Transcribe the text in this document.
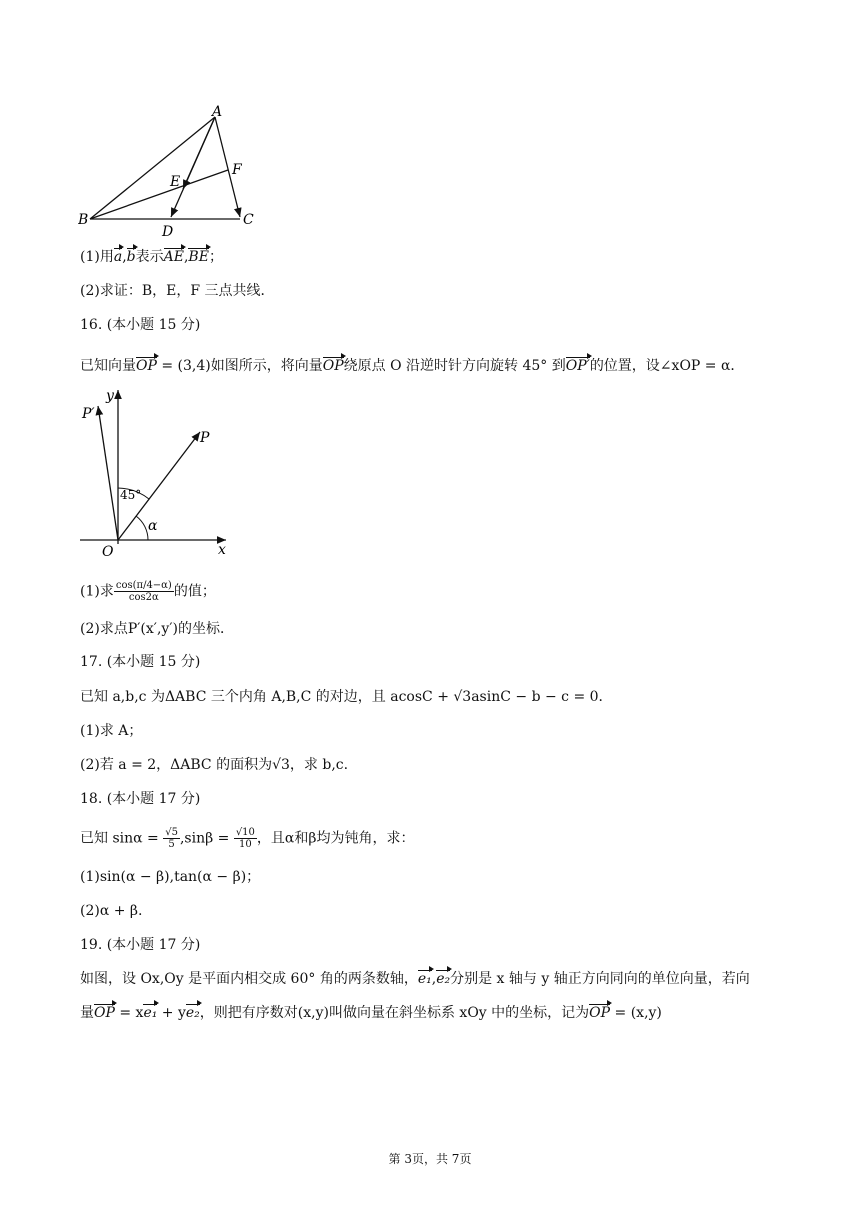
A
B	C
D
E
F
(1)用a,b表示AE,BE；
(2)求证：B，E，F 三点共线．
16. (本小题 15 分)
已知向量OP = (3,4)如图所示，将向量OP绕原点 O 沿逆时针方向旋转 45° 到OP′的位置，设∠xOP = α．
y
x
O
P
P′
45°
α
(1)求 $\frac{\cos(\pi/4-\alpha)}{\cos 2\alpha}$ 的值；
(2)求点P′(x′,y′)的坐标．
17. (本小题 15 分)
已知 a,b,c 为ΔABC 三个内角 A,B,C 的对边，且 acosC + √3asinC − b − c = 0．
(1)求 A；
(2)若 a = 2，ΔABC 的面积为√3，求 b,c.
18. (本小题 17 分)
已知 $\sin\alpha = \frac{√5}{5} ,\sin\beta = \frac{√10}{10}$ ，且α和β均为钝角，求：
(1)sin(α − β),tan(α − β)；
(2)α + β.
19. (本小题 17 分)
如图，设 Ox,Oy 是平面内相交成 60° 角的两条数轴，e₁,e₂分别是 x 轴与 y 轴正方向同向的单位向量，若向
量OP = xe₁ + ye₂，则把有序数对(x,y)叫做向量在斜坐标系 xOy 中的坐标，记为OP = (x,y)
第 3页，共 7页
